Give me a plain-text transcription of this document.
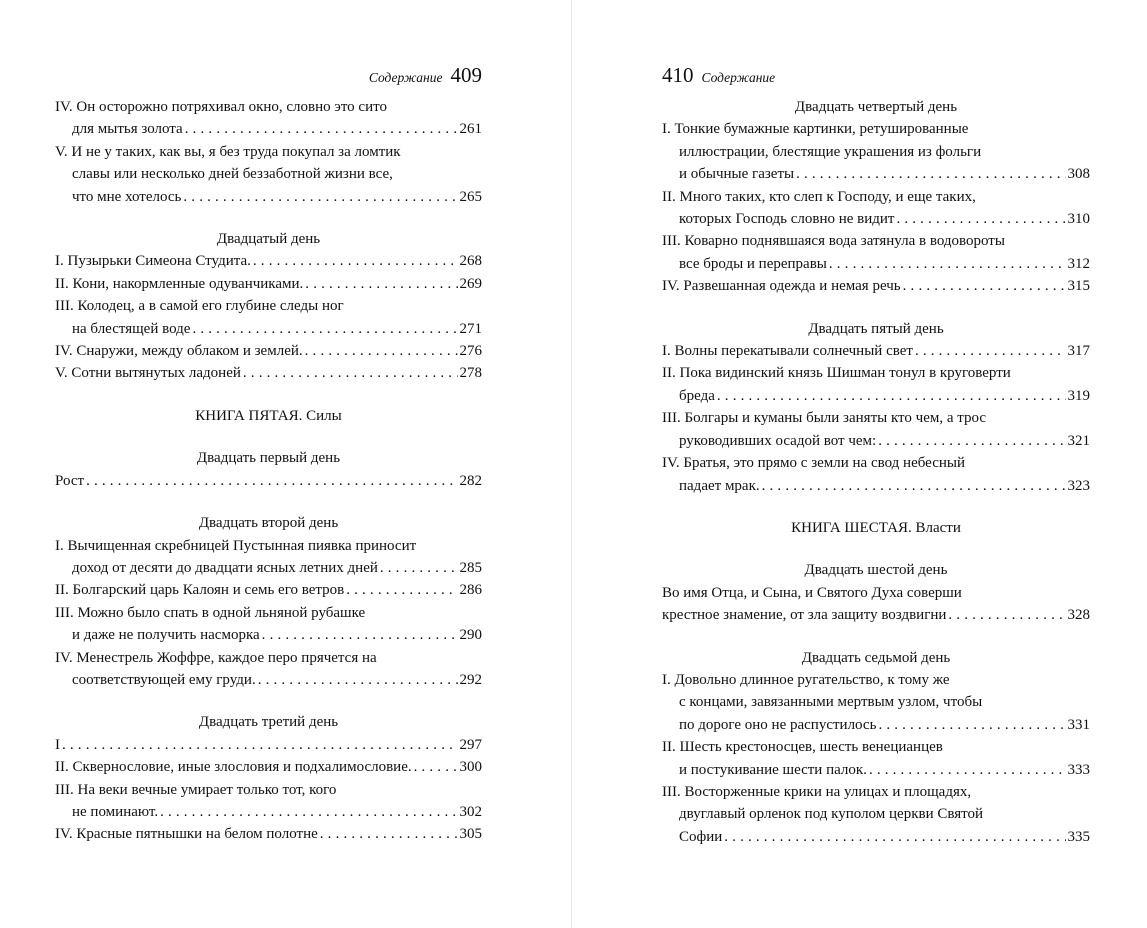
Содержание 409
IV. Он осторожно потряхивал окно, словно это сито
для мытья золота . . .	261
V. И не у таких, как вы, я без труда покупал за ломтик
славы или несколько дней беззаботной жизни все,
что мне хотелось . . .	265
Двадцатый день
I. Пузырьки Симеона Студита. . . .	268
II. Кони, накормленные одуванчиками. . . .	269
III. Колодец, а в самой его глубине следы ног
на блестящей воде . . .	271
IV. Снаружи, между облаком и землей. . . .	276
V. Сотни вытянутых ладоней . . .	278
КНИГА ПЯТАЯ. Силы
Двадцать первый день
Рост . . .	282
Двадцать второй день
I. Вычищенная скребницей Пустынная пиявка приносит
доход от десяти до двадцати ясных летних дней . . .	285
II. Болгарский царь Калоян и семь его ветров . . .	286
III. Можно было спать в одной льняной рубашке
и даже не получить насморка . . .	290
IV. Менестрель Жоффре, каждое перо прячется на
соответствующей ему груди. . . .	292
Двадцать третий день
I . . .	297
II. Сквернословие, иные злословия и подхалимословие. . . .	300
III. На веки вечные умирает только тот, кого
не поминают. . . .	302
IV. Красные пятнышки на белом полотне . . .	305
410 Содержание
Двадцать четвертый день
I. Тонкие бумажные картинки, ретушированные
иллюстрации, блестящие украшения из фольги
и обычные газеты . . .	308
II. Много таких, кто слеп к Господу, и еще таких,
которых Господь словно не видит . . .	310
III. Коварно поднявшаяся вода затянула в водовороты
все броды и переправы . . .	312
IV. Развешанная одежда и немая речь . . .	315
Двадцать пятый день
I. Волны перекатывали солнечный свет . . .	317
II. Пока видинский князь Шишман тонул в круговерти
бреда . . .	319
III. Болгары и куманы были заняты кто чем, а трос
руководивших осадой вот чем: . . .	321
IV. Братья, это прямо с земли на свод небесный
падает мрак. . . .	323
КНИГА ШЕСТАЯ. Власти
Двадцать шестой день
Во имя Отца, и Сына, и Святого Духа соверши
крестное знамение, от зла защиту воздвигни . . .	328
Двадцать седьмой день
I. Довольно длинное ругательство, к тому же
с концами, завязанными мертвым узлом, чтобы
по дороге оно не распустилось . . .	331
II. Шесть крестоносцев, шесть венецианцев
и постукивание шести палок. . . .	333
III. Восторженные крики на улицах и площадях,
двуглавый орленок под куполом церкви Святой
Софии . . .	335
